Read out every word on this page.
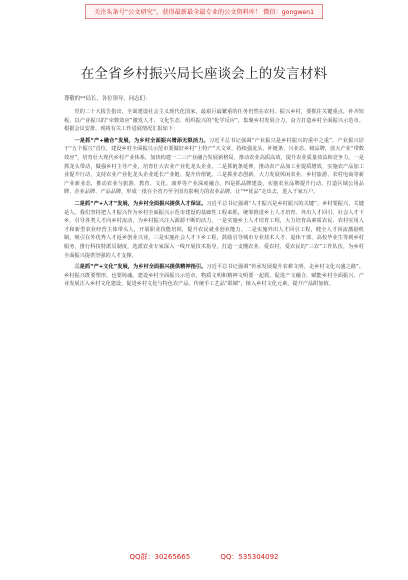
关注头条号“公文研究”，获得最新最全最专业的公文资料库！ 微信：gongwen1
在全省乡村振兴局长座谈会上的发言材料
尊敬的**局长，各位领导，同志们：

党的二十大报告指出，全面建设社会主义现代化国家，最艰巨最繁重的任务仍然在农村。振兴乡村，要抓住关键重点，补齐短板，以产业振兴的“牵数效应”激发人才、文化生态、组织振兴的“化学反应”，集聚乡村发展合力，奋力打造乡村全面振兴示范市。根据会议安排，现将有关工作进展情况汇报如下：

一是抓“产+融合”发展，为乡村全面振兴增添无限活力。习近平总书记强调“产业振兴是乡村振兴的重中之重”，产业振兴居于“五个振兴”首位，建设乡村全面振兴示范市要做好乡村“土特产”大文章，持续强龙头、补链条、兴业态、树品牌，放大产业“带数效应”，培育壮大现代乡村产业体系，加快构建一二三产业融合发展新格局，推动农业高质高效，提升农业质量效益和竞争力。一是抓龙头带动，做强乡村主导产业，培育壮大农业产业化龙头企业。二是抓链条延伸，推动农产品加工业提质增效，实施农产品加工业提升行动，支持农业产业化龙头企业延长产业链、提升价值链。三是抓业态创新，大力发展休闲农业、乡村旅游、农村电商等新产业新业态，推动农业与旅游、教育、文化、康养等产业深度融合。四是抓品牌建设，实施农业品牌提升行动，打造区域公用品牌、企业品牌、产品品牌，形成一批在全省乃至全国有影响力的农业品牌，让“**优品”走出去，进入千家万户。

二是抓“产+人才”发展，为乡村全面振兴提供人才保证。习近平总书记强调“人才振兴是乡村振兴的关键”。乡村要振兴，关键是人。我们坚持把人才振兴作为乡村全面振兴示范市建设的基础性工程来抓，统筹推进乡土人才培育、外出人才回引、社会人才下乡，引导各类人才向乡村流动，为乡村振兴注入源源不断的活力。一是实施乡土人才培育工程，大力培育高素质农民、农村实用人才和新型农业经营主体带头人，开展职业技能培训，提升农民就业创业能力。二是实施外出人才回引工程，健全人才回流激励机制，吸引在外优秀人才返乡创业兴业。三是实施社会人才下乡工程，鼓励引导城市专业技术人才、退休干部、高校毕业生等到乡村服务，推行科技特派员制度，选派农业专家深入一线开展技术指导，打造一支懂农业、爱农村、爱农民的“三农”工作队伍，为乡村全面振兴提供坚强的人才支撑。

三是抓“产+文化”发展，为乡村全面振兴提供精神指引。习近平总书记强调“传承发展提升农耕文明，走乡村文化兴盛之路”。乡村振兴既要塑形，也要铸魂。建设乡村全面振兴示范市，物质文明和精神文明要一起抓，促进产文融合，赋能乡村全面振兴，产业发展注入乡村文化建设，促进乡村文化与特色农产品、传统手工艺品“联姻”，植入乡村文化元素，提升产品附加值。

QQ群：30265665	QQ：535304092
